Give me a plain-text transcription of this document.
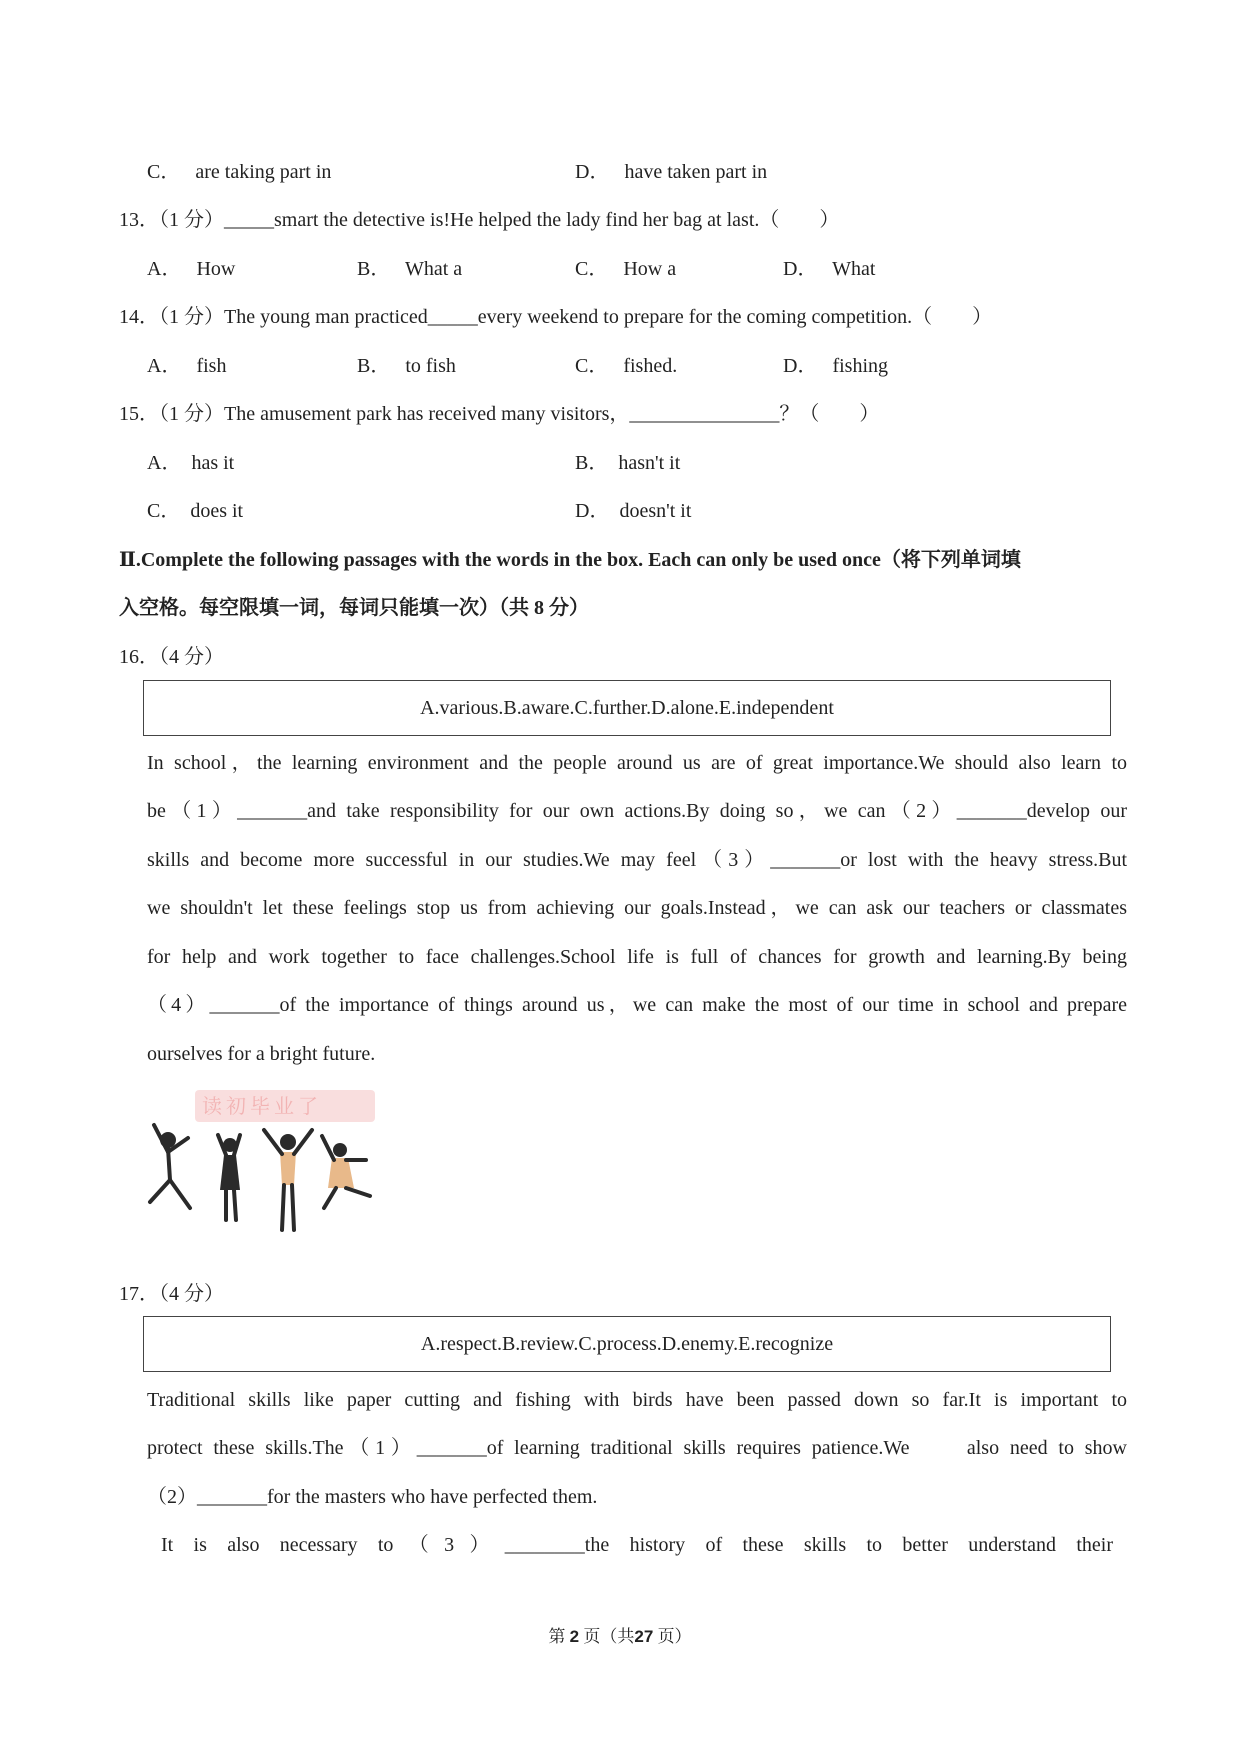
C． are taking part in	D． have taken part in
13．（1 分）_____smart the detective is!He helped the lady find her bag at last.（　　）
A． How	B． What a	C． How a	D． What
14．（1 分）The young man practiced_____every weekend to prepare for the coming competition.（　　）
A． fish	B． to fish	C． fished.	D． fishing
15．（1 分）The amusement park has received many visitors，_______________？（　　）
A． has it	B． hasn't it
C． does it	D． doesn't it
Ⅱ.Complete the following passages with the words in the box. Each can only be used once（将下列单词填
入空格。每空限填一词，每词只能填一次）（共 8 分）
16．（4 分）
A.various.B.aware.C.further.D.alone.E.independent
In school，the learning environment and the people around us are of great importance.We should also learn to
be（1）_______and take responsibility for our own actions.By doing so，we can（2）_______develop our
skills and become more successful in our studies.We may feel（3）_______or lost with the heavy stress.But
we shouldn't let these feelings stop us from achieving our goals.Instead，we can ask our teachers or classmates
for help and work together to face challenges.School life is full of chances for growth and learning.By being
（4）_______of the importance of things around us，we can make the most of our time in school and prepare
ourselves for a bright future.
读初毕业了
17．（4 分）
A.respect.B.review.C.process.D.enemy.E.recognize
Traditional skills like paper cutting and fishing with birds have been passed down so far.It is important to
protect these skills.The（1）_______of learning traditional skills requires patience.We　　also need to show
（2）_______for the masters who have perfected them.
It is also necessary to（3）________the history of these skills to better understand their
第 2 页（共27 页）
